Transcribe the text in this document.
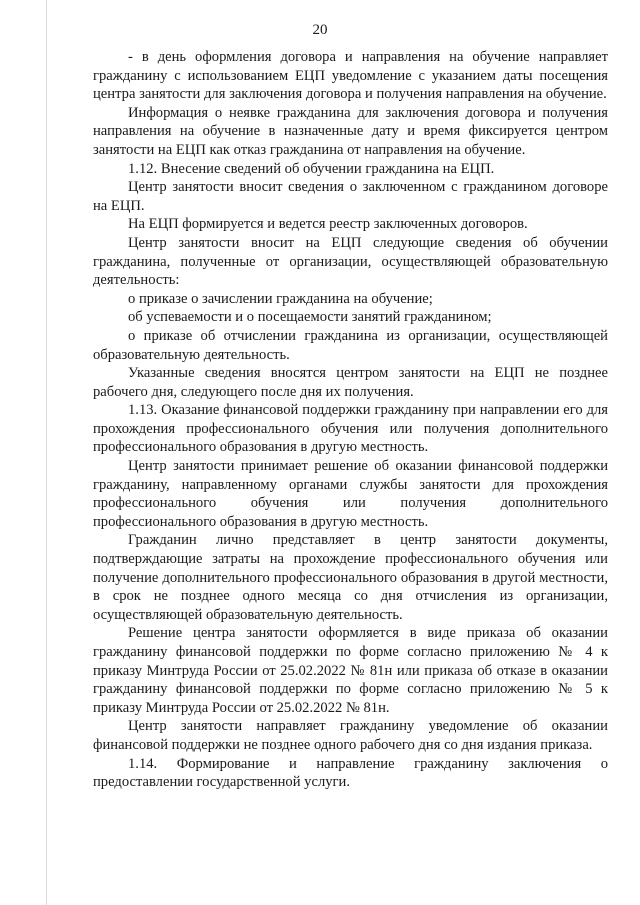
20

- в день оформления договора и направления на обучение направляет гражданину с использованием ЕЦП уведомление с указанием даты посещения центра занятости для заключения договора и получения направления на обучение.

Информация о неявке гражданина для заключения договора и получения направления на обучение в назначенные дату и время фиксируется центром занятости на ЕЦП как отказ гражданина от направления на обучение.

1.12. Внесение сведений об обучении гражданина на ЕЦП.

Центр занятости вносит сведения о заключенном с гражданином договоре на ЕЦП.

На ЕЦП формируется и ведется реестр заключенных договоров.

Центр занятости вносит на ЕЦП следующие сведения об обучении гражданина, полученные от организации, осуществляющей образовательную деятельность:

о приказе о зачислении гражданина на обучение;

об успеваемости и о посещаемости занятий гражданином;

о приказе об отчислении гражданина из организации, осуществляющей образовательную деятельность.

Указанные сведения вносятся центром занятости на ЕЦП не позднее рабочего дня, следующего после дня их получения.

1.13. Оказание финансовой поддержки гражданину при направлении его для прохождения профессионального обучения или получения дополнительного профессионального образования в другую местность.

Центр занятости принимает решение об оказании финансовой поддержки гражданину, направленному органами службы занятости для прохождения профессионального обучения или получения дополнительного профессионального образования в другую местность.

Гражданин лично представляет в центр занятости документы, подтверждающие затраты на прохождение профессионального обучения или получение дополнительного профессионального образования в другой местности, в срок не позднее одного месяца со дня отчисления из организации, осуществляющей образовательную деятельность.

Решение центра занятости оформляется в виде приказа об оказании гражданину финансовой поддержки по форме согласно приложению № 4 к приказу Минтруда России от 25.02.2022 № 81н или приказа об отказе в оказании гражданину финансовой поддержки по форме согласно приложению № 5 к приказу Минтруда России от 25.02.2022 № 81н.

Центр занятости направляет гражданину уведомление об оказании финансовой поддержки не позднее одного рабочего дня со дня издания приказа.

1.14. Формирование и направление гражданину заключения о предоставлении государственной услуги.
